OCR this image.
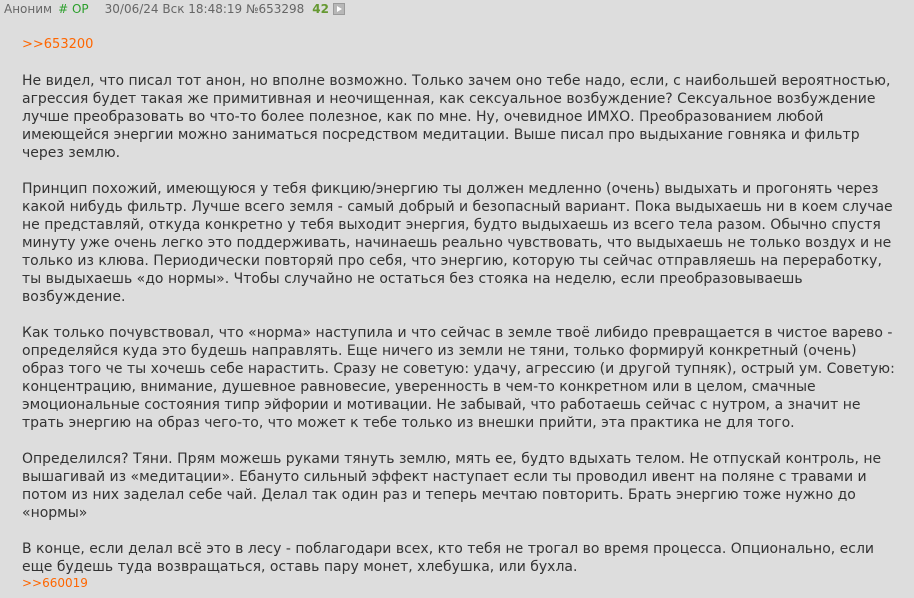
Аноним # OP 30/06/24 Вск 18:48:19 №653298 42
>>653200

Не видел, что писал тот анон, но вполне возможно. Только зачем оно тебе надо, если, с наибольшей вероятностью, агрессия будет такая же примитивная и неочищенная, как сексуальное возбуждение? Сексуальное возбуждение лучше преобразовать во что-то более полезное, как по мне. Ну, очевидное ИМХО. Преобразованием любой имеющейся энергии можно заниматься посредством медитации. Выше писал про выдыхание говняка и фильтр через землю.

Принцип похожий, имеющуюся у тебя фикцию/энергию ты должен медленно (очень) выдыхать и прогонять через какой нибудь фильтр. Лучше всего земля - самый добрый и безопасный вариант. Пока выдыхаешь ни в коем случае не представляй, откуда конкретно у тебя выходит энергия, будто выдыхаешь из всего тела разом. Обычно спустя минуту уже очень легко это поддерживать, начинаешь реально чувствовать, что выдыхаешь не только воздух и не только из клюва. Периодически повторяй про себя, что энергию, которую ты сейчас отправляешь на переработку, ты выдыхаешь «до нормы». Чтобы случайно не остаться без стояка на неделю, если преобразовываешь возбуждение.

Как только почувствовал, что «норма» наступила и что сейчас в земле твоё либидо превращается в чистое варево - определяйся куда это будешь направлять. Еще ничего из земли не тяни, только формируй конкретный (очень) образ того че ты хочешь себе нарастить. Сразу не советую: удачу, агрессию (и другой тупняк), острый ум. Советую: концентрацию, внимание, душевное равновесие, уверенность в чем-то конкретном или в целом, смачные эмоциональные состояния типр эйфории и мотивации. Не забывай, что работаешь сейчас с нутром, а значит не трать энергию на образ чего-то, что может к тебе только из внешки прийти, эта практика не для того.

Определился? Тяни. Прям можешь руками тянуть землю, мять ее, будто вдыхать телом. Не отпускай контроль, не вышагивай из «медитации». Ебануто сильный эффект наступает если ты проводил ивент на поляне с травами и потом из них заделал себе чай. Делал так один раз и теперь мечтаю повторить. Брать энергию тоже нужно до «нормы»

В конце, если делал всё это в лесу - поблагодари всех, кто тебя не трогал во время процесса. Опционально, если еще будешь туда возвращаться, оставь пару монет, хлебушка, или бухла.

>>660019
